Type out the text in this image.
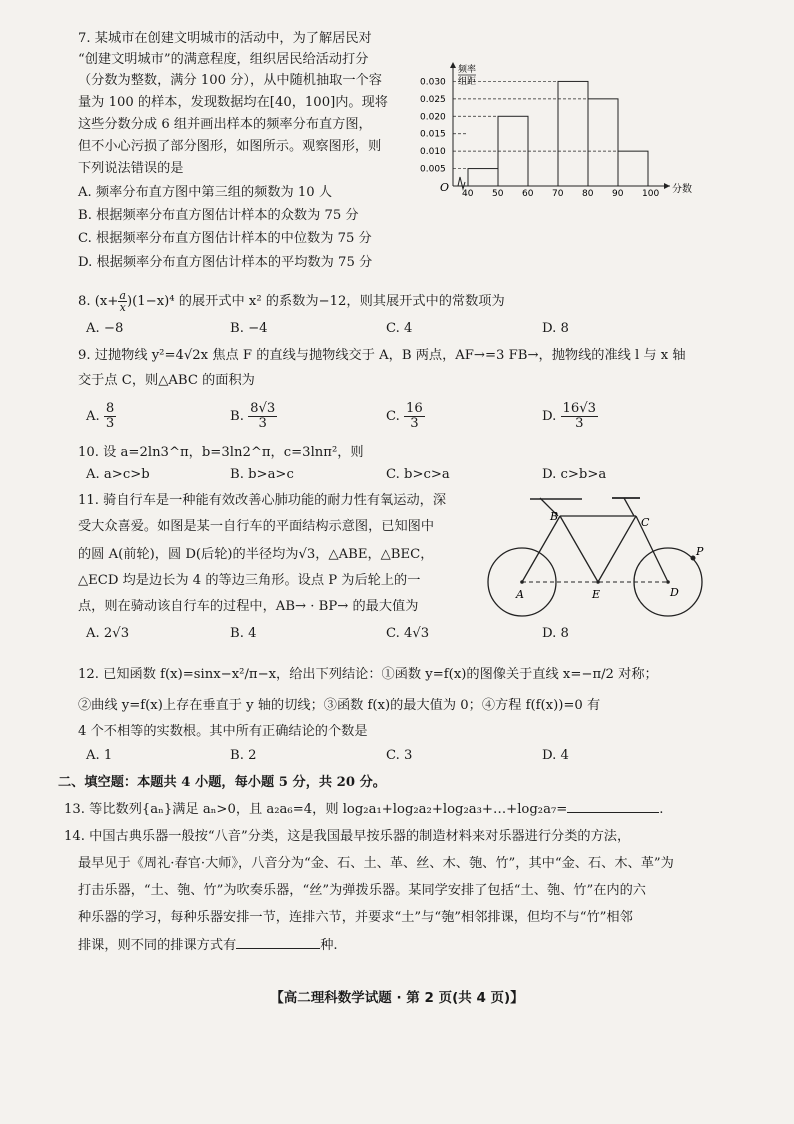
7. 某城市在创建文明城市的活动中，为了解居民对
“创建文明城市”的满意程度，组织居民给活动打分
（分数为整数，满分 100 分），从中随机抽取一个容
量为 100 的样本，发现数据均在[40，100]内。现将
这些分数分成 6 组并画出样本的频率分布直方图，
但不小心污损了部分图形，如图所示。观察图形，则
下列说法错误的是
A. 频率分布直方图中第三组的频数为 10 人
B. 根据频率分布直方图估计样本的众数为 75 分
C. 根据频率分布直方图估计样本的中位数为 75 分
D. 根据频率分布直方图估计样本的平均数为 75 分
频率
组距
O	分数
0.030
0.025
0.020
0.015
0.010
0.005
40 50 60 70 80 90 100
8. $(x+ \frac{a}{x} )(1-x)^4$ 的展开式中 x² 的系数为−12，则其展开式中的常数项为
A. −8	B. −4	C. 4	D. 8
9. 过抛物线 y²=4√2x 焦点 F 的直线与抛物线交于 A，B 两点，AF→=3 FB→，抛物线的准线 l 与 x 轴
交于点 C，则△ABC 的面积为
A. $\frac{8}{3}$	B. $\frac{8√3}{3}$	C. $\frac{16}{3}$	D. $\frac{16√3}{3}$
10. 设 a=2ln3^π，b=3ln2^π，c=3lnπ²，则
A. a>c>b	B. b>a>c	C. b>c>a	D. c>b>a
11. 骑自行车是一种能有效改善心肺功能的耐力性有氧运动，深
受大众喜爱。如图是某一自行车的平面结构示意图，已知图中
的圆 A(前轮)，圆 D(后轮)的半径均为√3，△ABE，△BEC，
△ECD 均是边长为 4 的等边三角形。设点 P 为后轮上的一
点，则在骑动该自行车的过程中，AB→ · BP→ 的最大值为
A. 2√3	B. 4	C. 4√3	D. 8
A
B	C
D
E
P
12. 已知函数 f(x)=sinx−x²/π−x，给出下列结论：①函数 y=f(x)的图像关于直线 x=−π/2 对称；
②曲线 y=f(x)上存在垂直于 y 轴的切线；③函数 f(x)的最大值为 0；④方程 f(f(x))=0 有
4 个不相等的实数根。其中所有正确结论的个数是
A. 1	B. 2	C. 3	D. 4
二、填空题：本题共 4 小题，每小题 5 分，共 20 分。
13. 等比数列{aₙ}满足 aₙ>0，且 a₂a₆=4，则 log₂a₁+log₂a₂+log₂a₃+…+log₂a₇=	.
14. 中国古典乐器一般按“八音”分类，这是我国最早按乐器的制造材料来对乐器进行分类的方法，
最早见于《周礼·春官·大师》，八音分为“金、石、土、革、丝、木、匏、竹”，其中“金、石、木、革”为
打击乐器，“土、匏、竹”为吹奏乐器，“丝”为弹拨乐器。某同学安排了包括“土、匏、竹”在内的六
种乐器的学习，每种乐器安排一节，连排六节，并要求“土”与“匏”相邻排课，但均不与“竹”相邻
排课，则不同的排课方式有	种.
【高二理科数学试题 · 第 2 页(共 4 页)】
